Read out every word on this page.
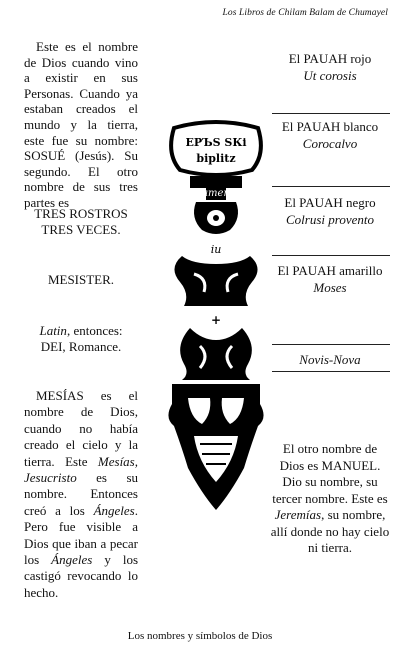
Los Libros de Chilam Balam de Chumayel
Este es el nombre de Dios cuando vino a existir en sus Personas. Cuando ya estaban creados el mundo y la tierra, este fue su nombre: SOSUÉ (Jesús). Su segundo. El otro nombre de sus tres partes es
TRES ROSTROS
TRES VECES.
MESISTER.
Latin, entonces:
DEI, Romance.
MESÍAS es el nombre de Dios, cuando no había creado el cielo y la tierra. Este Mesías, Jesucristo es su nombre. Entonces creó a los Ángeles. Pero fue visible a Dios que iban a pecar los Ángeles y los castigó revocando lo hecho.
El PAUAH rojo
Ut corosis
El PAUAH blanco
Corocalvo
El PAUAH negro
Colrusi provento
El PAUAH amarillo
Moses
Novis-Nova
El otro nombre de Dios es MANUEL. Dio su nombre, su tercer nombre. Este es Jeremías, su nombre, allí donde no hay cielo ni tierra.
ЕРЪS ЅКі
biplitz
amen
iu
+
Los nombres y símbolos de Dios
